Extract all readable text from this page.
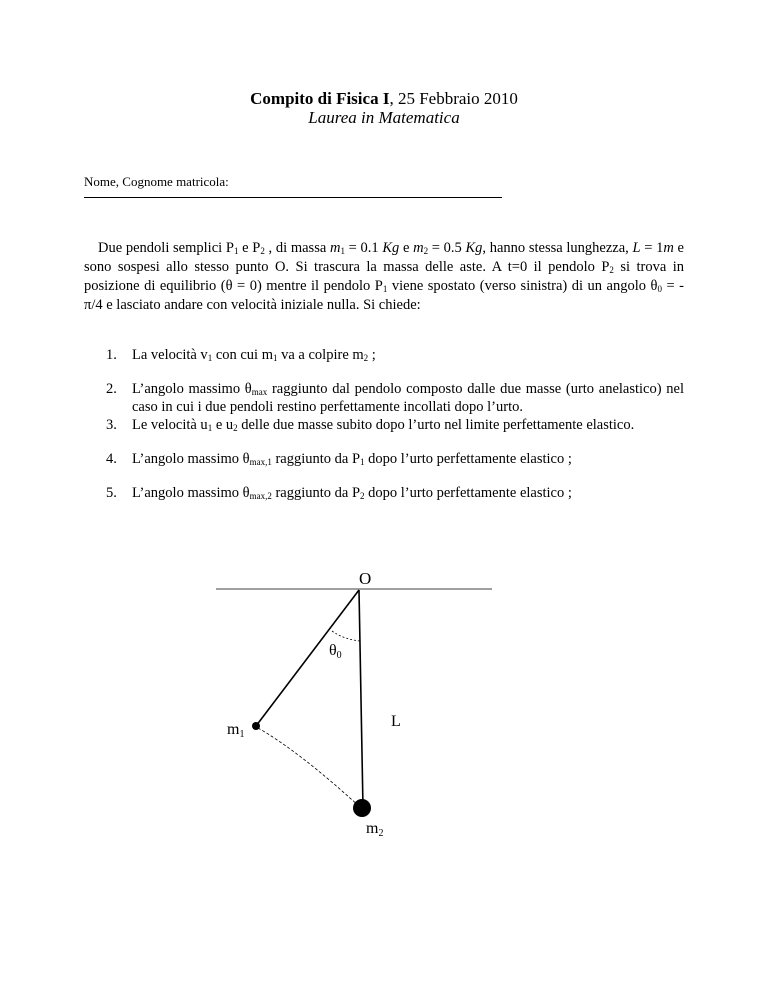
Compito di Fisica I, 25 Febbraio 2010
Laurea in Matematica
Nome, Cognome matricola:
Due pendoli semplici $P_1$ e $P_2$ , di massa $m_1 = 0.1$ Kg e $m_2 = 0.5$ Kg, hanno stessa lunghezza, L = 1m e sono sospesi allo stesso punto O. Si trascura la massa delle aste. A t=0 il pendolo $P_2$ si trova in posizione di equilibrio (θ = 0) mentre il pendolo $P_1$ viene spostato (verso sinistra) di un angolo $\theta_0$ = - π/4 e lasciato andare con velocità iniziale nulla. Si chiede:
1. La velocità $v_1$ con cui $m_1$ va a colpire $m_2$ ;
2. L’angolo massimo $\theta_{max}$ raggiunto dal pendolo composto dalle due masse (urto anelastico) nel caso in cui i due pendoli restino perfettamente incollati dopo l’urto.
3. Le velocità $u_1$ e $u_2$ delle due masse subito dopo l’urto nel limite perfettamente elastico.
4. L’angolo massimo $\theta_{max,1}$ raggiunto da $P_1$ dopo l’urto perfettamente elastico ;
5. L’angolo massimo $\theta_{max,2}$ raggiunto da $P_2$ dopo l’urto perfettamente elastico ;
O
θ0
L
m1
m2
